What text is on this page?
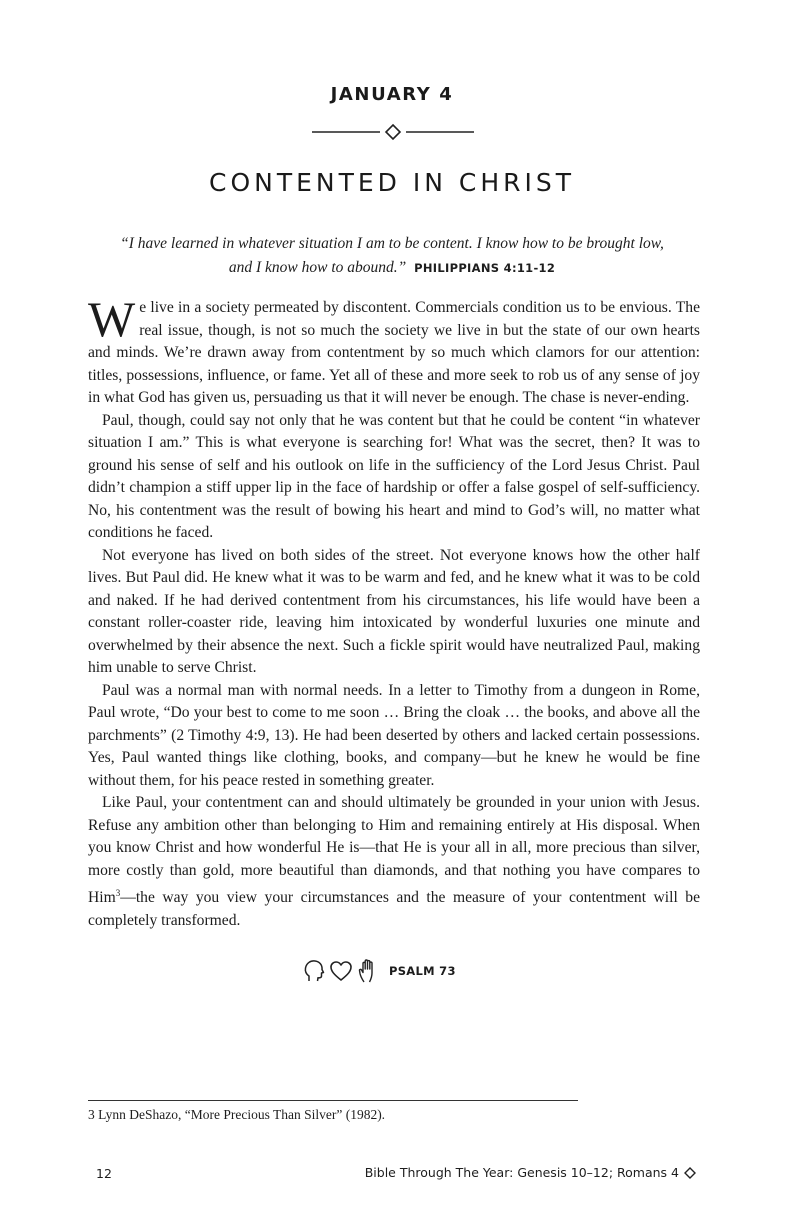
JANUARY 4
CONTENTED IN CHRIST
“I have learned in whatever situation I am to be content. I know how to be brought low, and I know how to abound.” PHILIPPIANS 4:11-12

We live in a society permeated by discontent. Commercials condition us to be envious. The real issue, though, is not so much the society we live in but the state of our own hearts and minds. We’re drawn away from contentment by so much which clamors for our attention: titles, possessions, influence, or fame. Yet all of these and more seek to rob us of any sense of joy in what God has given us, persuading us that it will never be enough. The chase is never-ending.

Paul, though, could say not only that he was content but that he could be content “in whatever situation I am.” This is what everyone is searching for! What was the secret, then? It was to ground his sense of self and his outlook on life in the sufficiency of the Lord Jesus Christ. Paul didn’t champion a stiff upper lip in the face of hardship or offer a false gospel of self-sufficiency. No, his contentment was the result of bowing his heart and mind to God’s will, no matter what conditions he faced.

Not everyone has lived on both sides of the street. Not everyone knows how the other half lives. But Paul did. He knew what it was to be warm and fed, and he knew what it was to be cold and naked. If he had derived contentment from his circumstances, his life would have been a constant roller-coaster ride, leaving him intoxicated by wonderful luxuries one minute and overwhelmed by their absence the next. Such a fickle spirit would have neutralized Paul, making him unable to serve Christ.

Paul was a normal man with normal needs. In a letter to Timothy from a dungeon in Rome, Paul wrote, “Do your best to come to me soon … Bring the cloak … the books, and above all the parchments” (2 Timothy 4:9, 13). He had been deserted by others and lacked certain possessions. Yes, Paul wanted things like clothing, books, and company—but he knew he would be fine without them, for his peace rested in something greater.

Like Paul, your contentment can and should ultimately be grounded in your union with Jesus. Refuse any ambition other than belonging to Him and remaining entirely at His disposal. When you know Christ and how wonderful He is—that He is your all in all, more precious than silver, more costly than gold, more beautiful than diamonds, and that nothing you have compares to Him$^3$—the way you view your circumstances and the measure of your contentment will be completely transformed.

PSALM 73
3 Lynn DeShazo, “More Precious Than Silver” (1982).
12	Bible Through The Year: Genesis 10–12; Romans 4
